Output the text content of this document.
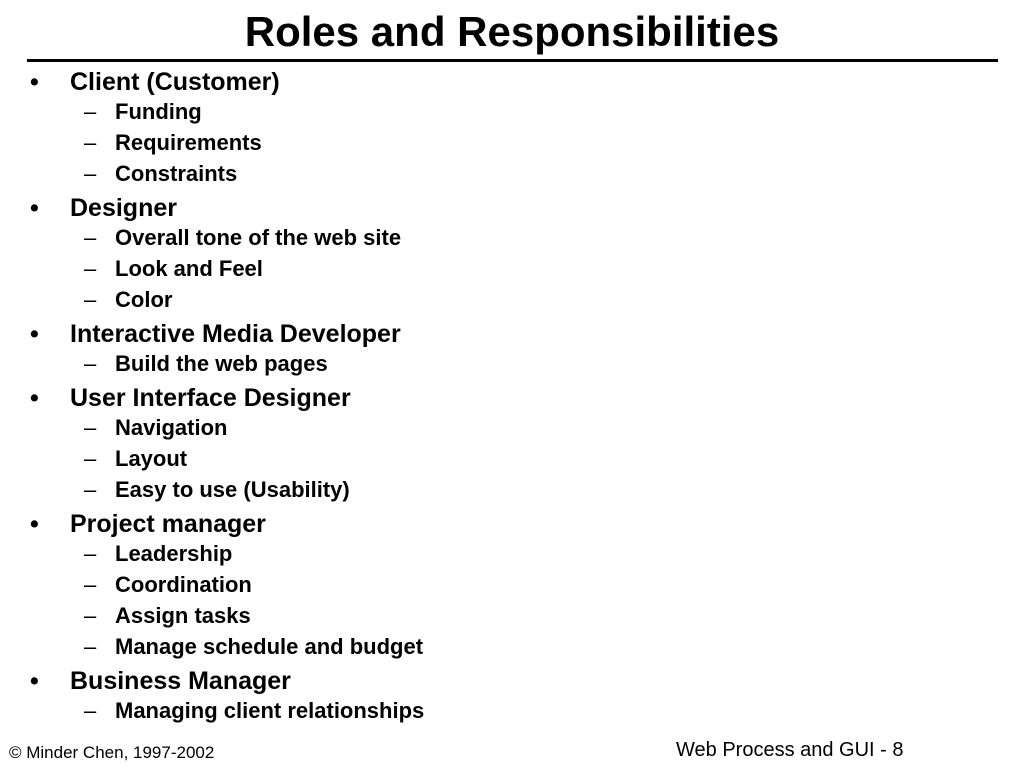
Roles and Responsibilities
• Client (Customer)
– Funding
– Requirements
– Constraints
• Designer
– Overall tone of the web site
– Look and Feel
– Color
• Interactive Media Developer
– Build the web pages
• User Interface Designer
– Navigation
– Layout
– Easy to use (Usability)
• Project manager
– Leadership
– Coordination
– Assign tasks
– Manage schedule and budget
• Business Manager
– Managing client relationships
© Minder Chen, 1997-2002	Web Process and GUI - 8
